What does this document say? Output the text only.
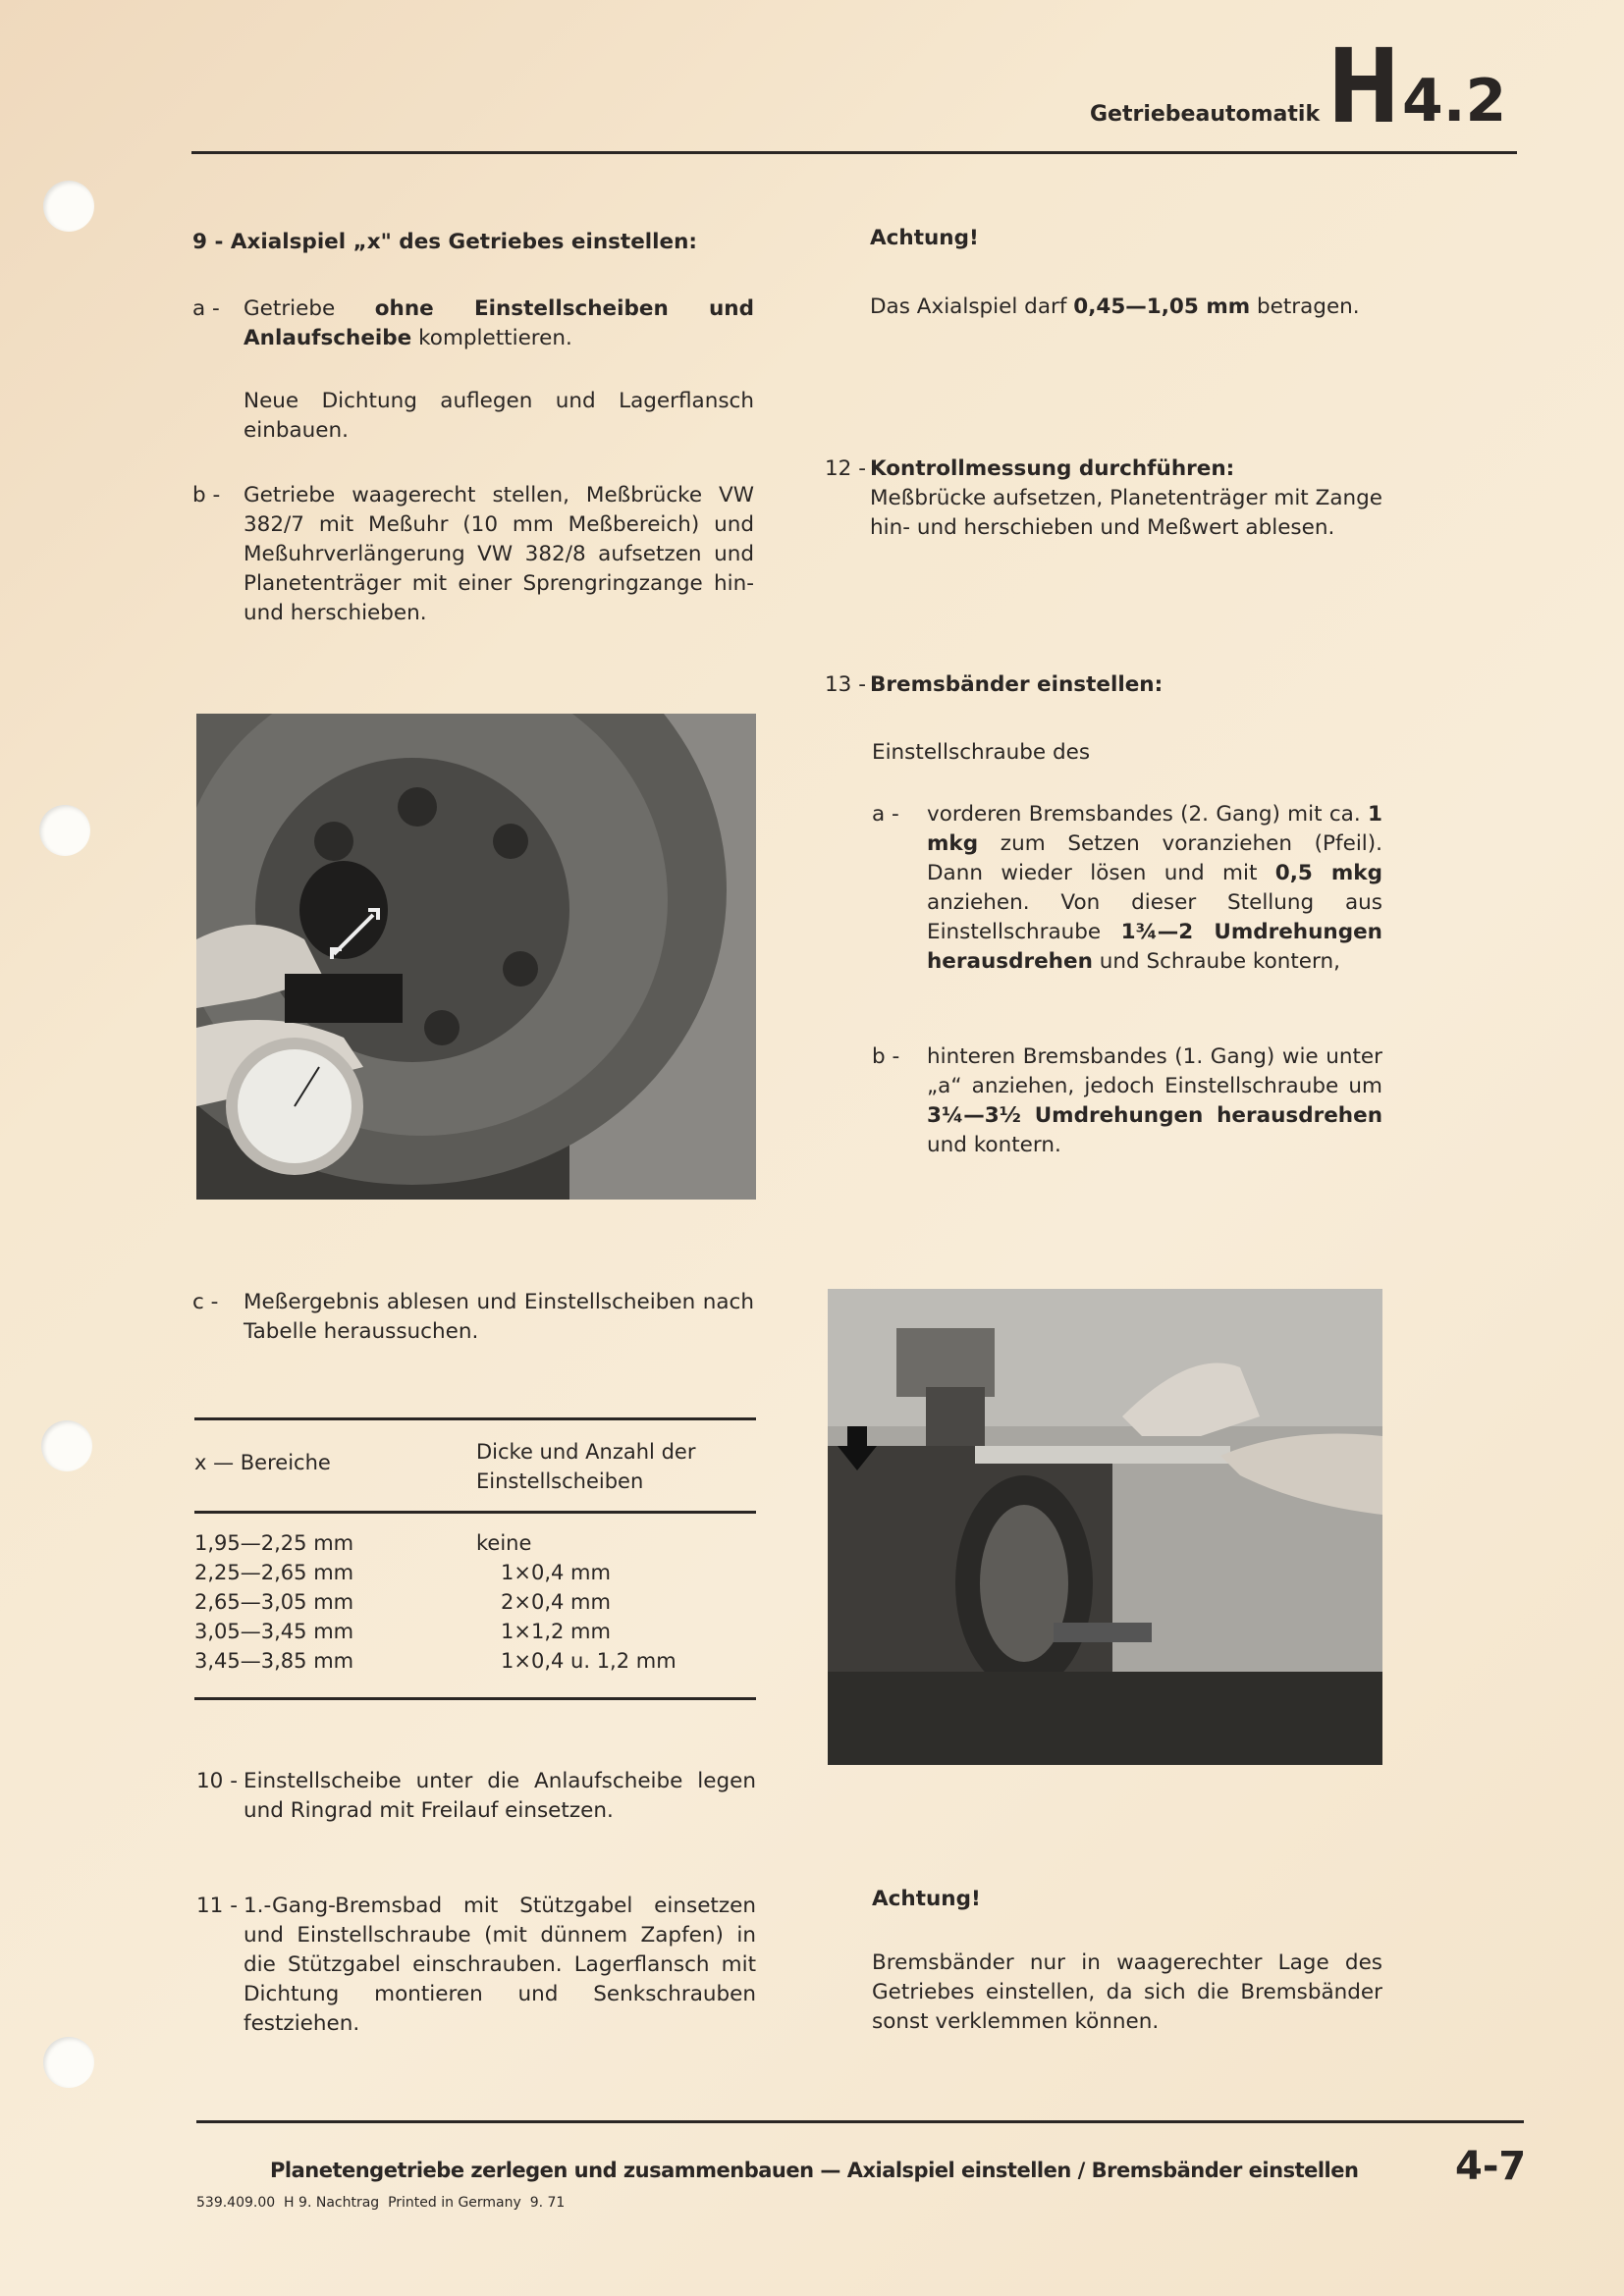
Getriebeautomatik H 4.2
9 - Axialspiel „x" des Getriebes einstellen:
a - Getriebe ohne Einstellscheiben und Anlaufscheibe komplettieren.
Neue Dichtung auflegen und Lagerflansch einbauen.
b - Getriebe waagerecht stellen, Meßbrücke VW 382/7 mit Meßuhr (10 mm Meßbereich) und Meßuhrverlängerung VW 382/8 aufsetzen und Planetenträger mit einer Sprengringzange hin- und herschieben.
c - Meßergebnis ablesen und Einstellscheiben nach Tabelle heraussuchen.
x — Bereiche	Dicke und Anzahl der Einstellscheiben
1,95—2,25 mm	keine
2,25—2,65 mm	1×0,4 mm
2,65—3,05 mm	2×0,4 mm
3,05—3,45 mm	1×1,2 mm
3,45—3,85 mm	1×0,4 u. 1,2 mm
10 - Einstellscheibe unter die Anlaufscheibe legen und Ringrad mit Freilauf einsetzen.
11 - 1.-Gang-Bremsbad mit Stützgabel einsetzen und Einstellschraube (mit dünnem Zapfen) in die Stützgabel einschrauben. Lagerflansch mit Dichtung montieren und Senkschrauben festziehen.
Achtung!
Das Axialspiel darf 0,45—1,05 mm betragen.
12 - Kontrollmessung durchführen:
Meßbrücke aufsetzen, Planetenträger mit Zange hin- und herschieben und Meßwert ablesen.
13 - Bremsbänder einstellen:
Einstellschraube des
a - vorderen Bremsbandes (2. Gang) mit ca. 1 mkg zum Setzen voranziehen (Pfeil). Dann wieder lösen und mit 0,5 mkg anziehen. Von dieser Stellung aus Einstellschraube 1¾—2 Umdrehungen herausdrehen und Schraube kontern,
b - hinteren Bremsbandes (1. Gang) wie unter „a“ anziehen, jedoch Einstellschraube um 3¼—3½ Umdrehungen herausdrehen und kontern.
Achtung!
Bremsbänder nur in waagerechter Lage des Getriebes einstellen, da sich die Bremsbänder sonst verklemmen können.
Planetengetriebe zerlegen und zusammenbauen — Axialspiel einstellen / Bremsbänder einstellen 4-7
539.409.00  H 9. Nachtrag  Printed in Germany  9. 71
